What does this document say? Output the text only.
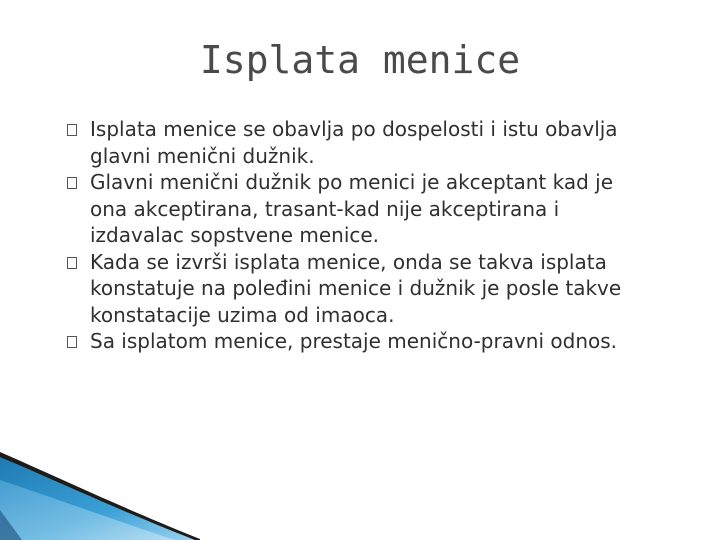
Isplata menice
Isplata menice se obavlja po dospelosti i istu obavlja
glavni menični dužnik.
Glavni menični dužnik po menici je akceptant kad je
ona akceptirana, trasant-kad nije akceptirana i
izdavalac sopstvene menice.
Kada se izvrši isplata menice, onda se takva isplata
konstatuje na poleđini menice i dužnik je posle takve
konstatacije uzima od imaoca.
Sa isplatom menice, prestaje menično-pravni odnos.
